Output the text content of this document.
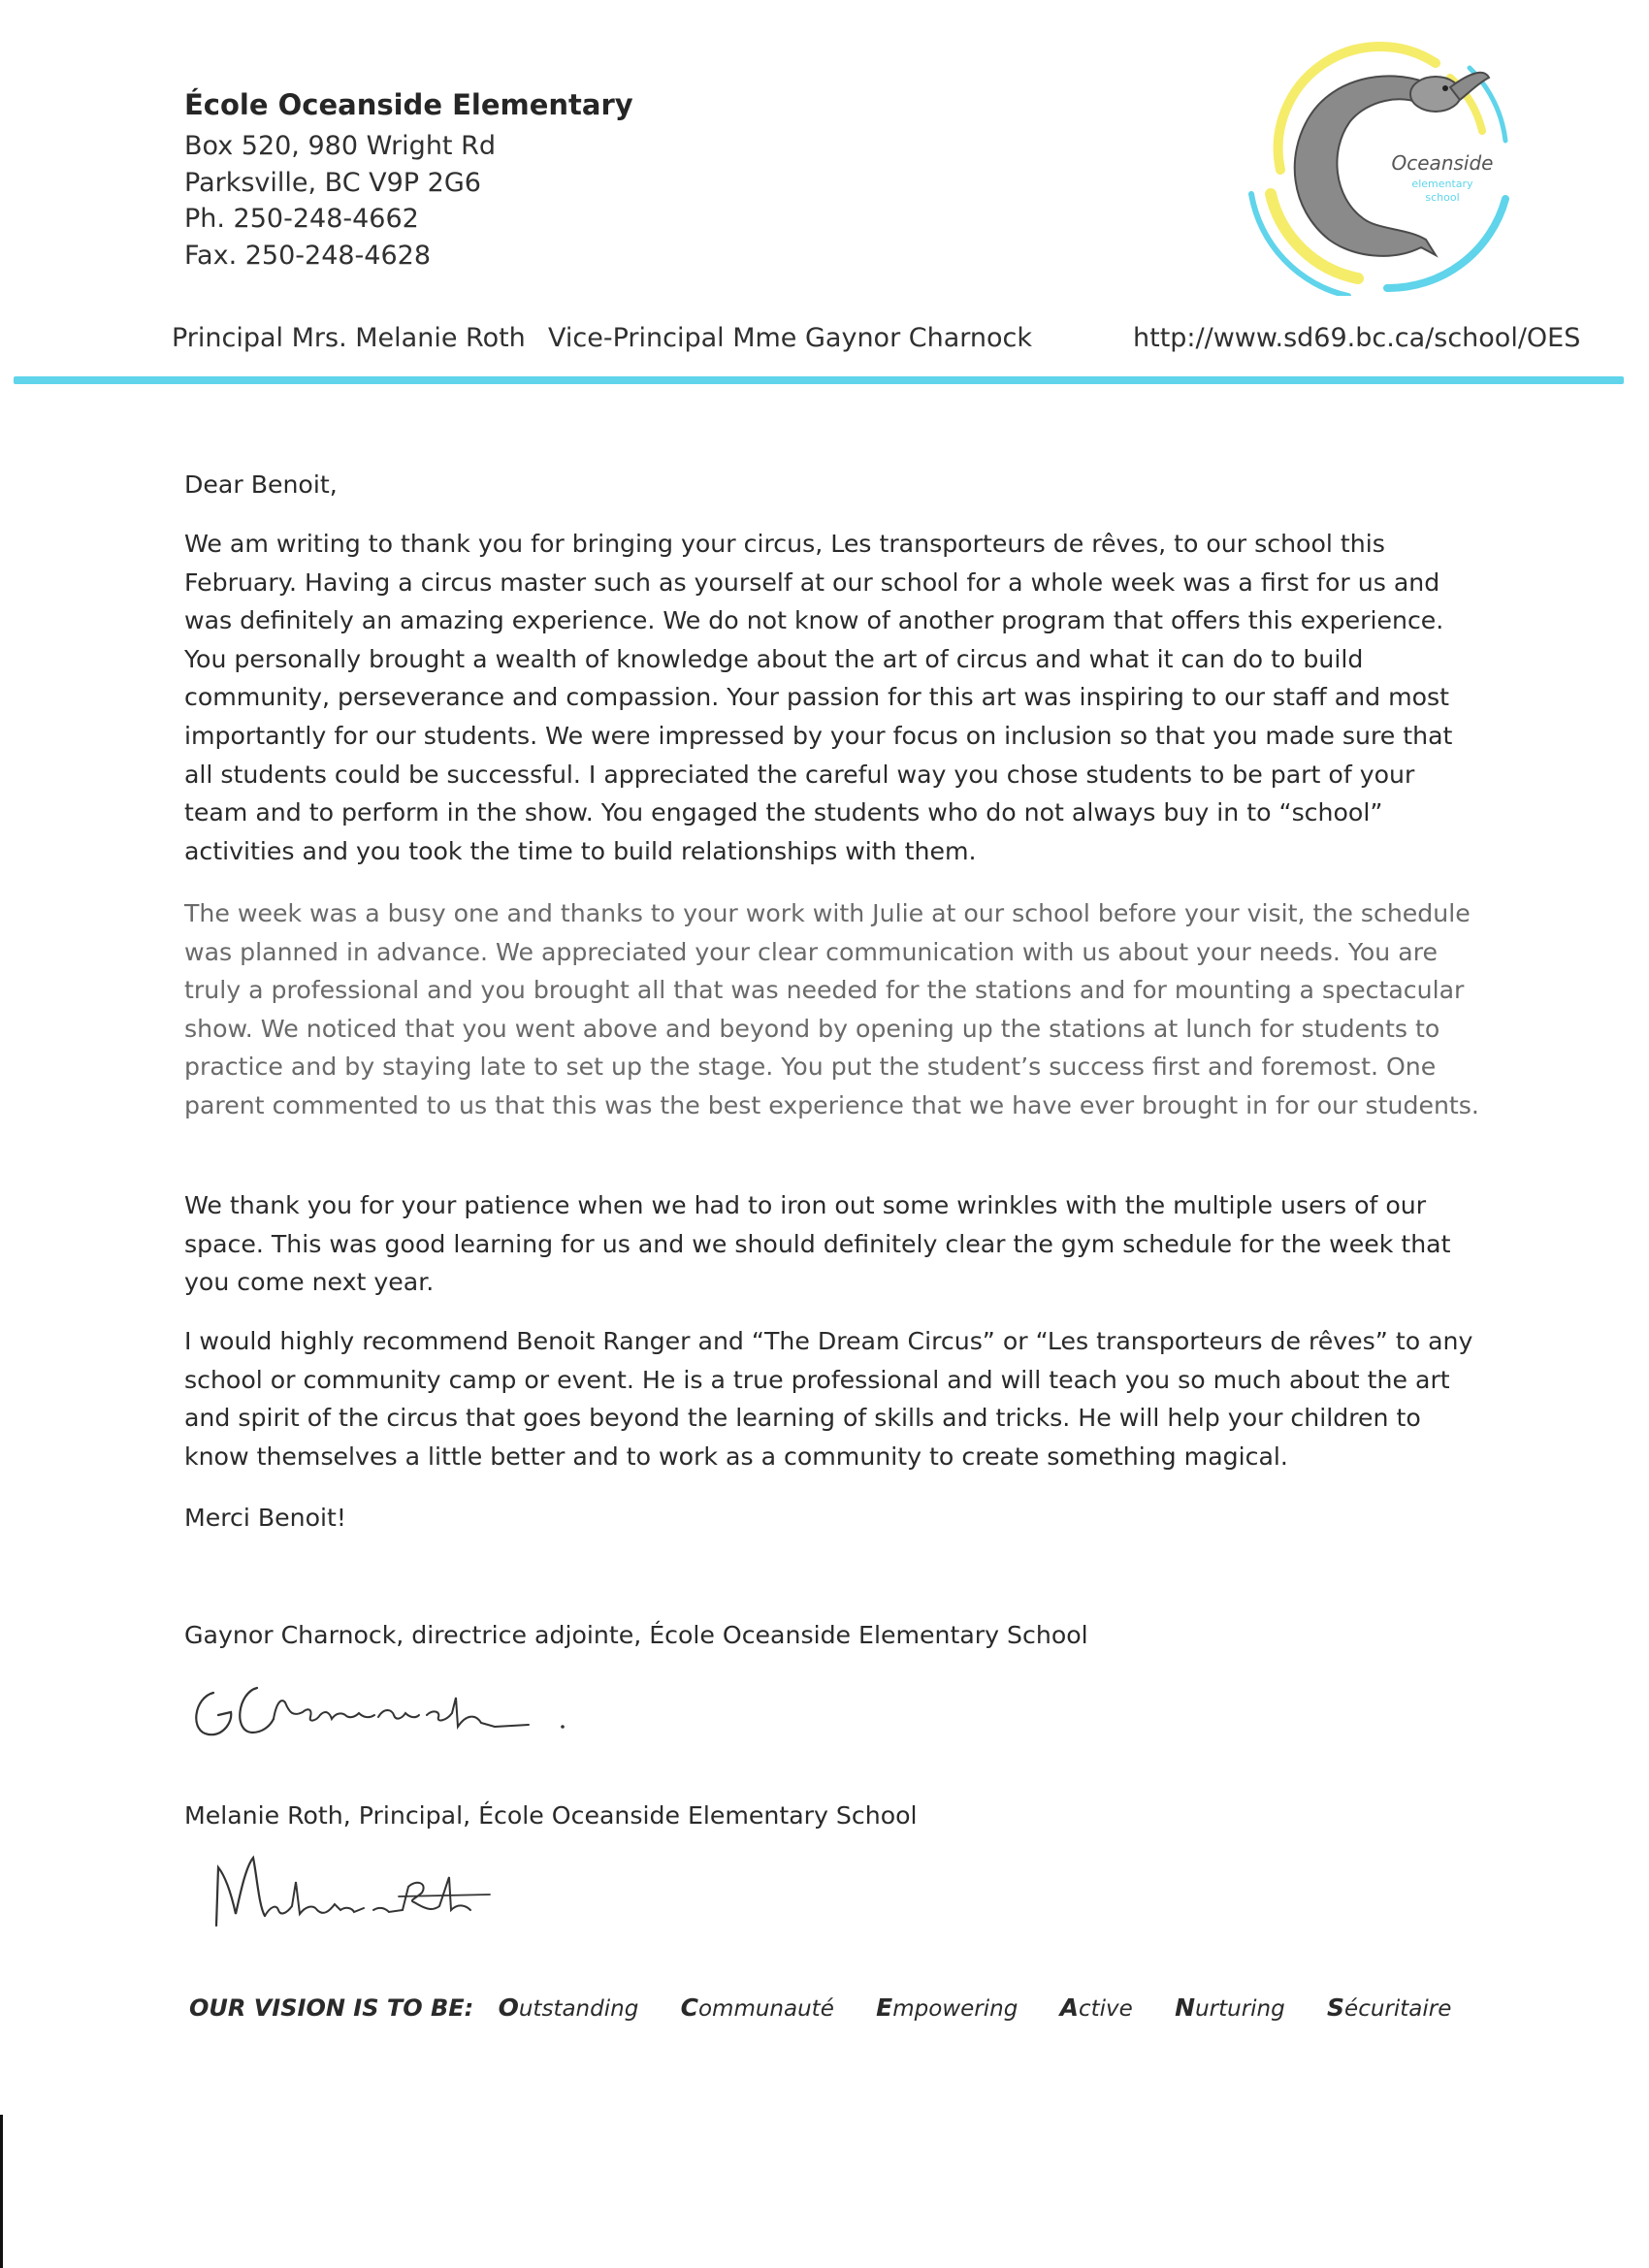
École Oceanside Elementary
Box 520, 980 Wright Rd
Parksville, BC V9P 2G6
Ph. 250-248-4662
Fax. 250-248-4628
Oceanside
elementary
school
Principal Mrs. Melanie Roth Vice-Principal Mme Gaynor Charnock	http://www.sd69.bc.ca/school/OES
Dear Benoit,
We am writing to thank you for bringing your circus, Les transporteurs de rêves, to our school this February. Having a circus master such as yourself at our school for a whole week was a first for us and was definitely an amazing experience. We do not know of another program that offers this experience. You personally brought a wealth of knowledge about the art of circus and what it can do to build community, perseverance and compassion. Your passion for this art was inspiring to our staff and most importantly for our students. We were impressed by your focus on inclusion so that you made sure that all students could be successful. I appreciated the careful way you chose students to be part of your team and to perform in the show. You engaged the students who do not always buy in to “school” activities and you took the time to build relationships with them.
The week was a busy one and thanks to your work with Julie at our school before your visit, the schedule was planned in advance. We appreciated your clear communication with us about your needs. You are truly a professional and you brought all that was needed for the stations and for mounting a spectacular show. We noticed that you went above and beyond by opening up the stations at lunch for students to practice and by staying late to set up the stage. You put the student’s success first and foremost. One parent commented to us that this was the best experience that we have ever brought in for our students.
We thank you for your patience when we had to iron out some wrinkles with the multiple users of our space. This was good learning for us and we should definitely clear the gym schedule for the week that you come next year.
I would highly recommend Benoit Ranger and “The Dream Circus” or “Les transporteurs de rêves” to any school or community camp or event. He is a true professional and will teach you so much about the art and spirit of the circus that goes beyond the learning of skills and tricks. He will help your children to know themselves a little better and to work as a community to create something magical.
Merci Benoit!
Gaynor Charnock, directrice adjointe, École Oceanside Elementary School
Melanie Roth, Principal, École Oceanside Elementary School
OUR VISION IS TO BE: Outstanding Communauté Empowering Active Nurturing Sécuritaire
